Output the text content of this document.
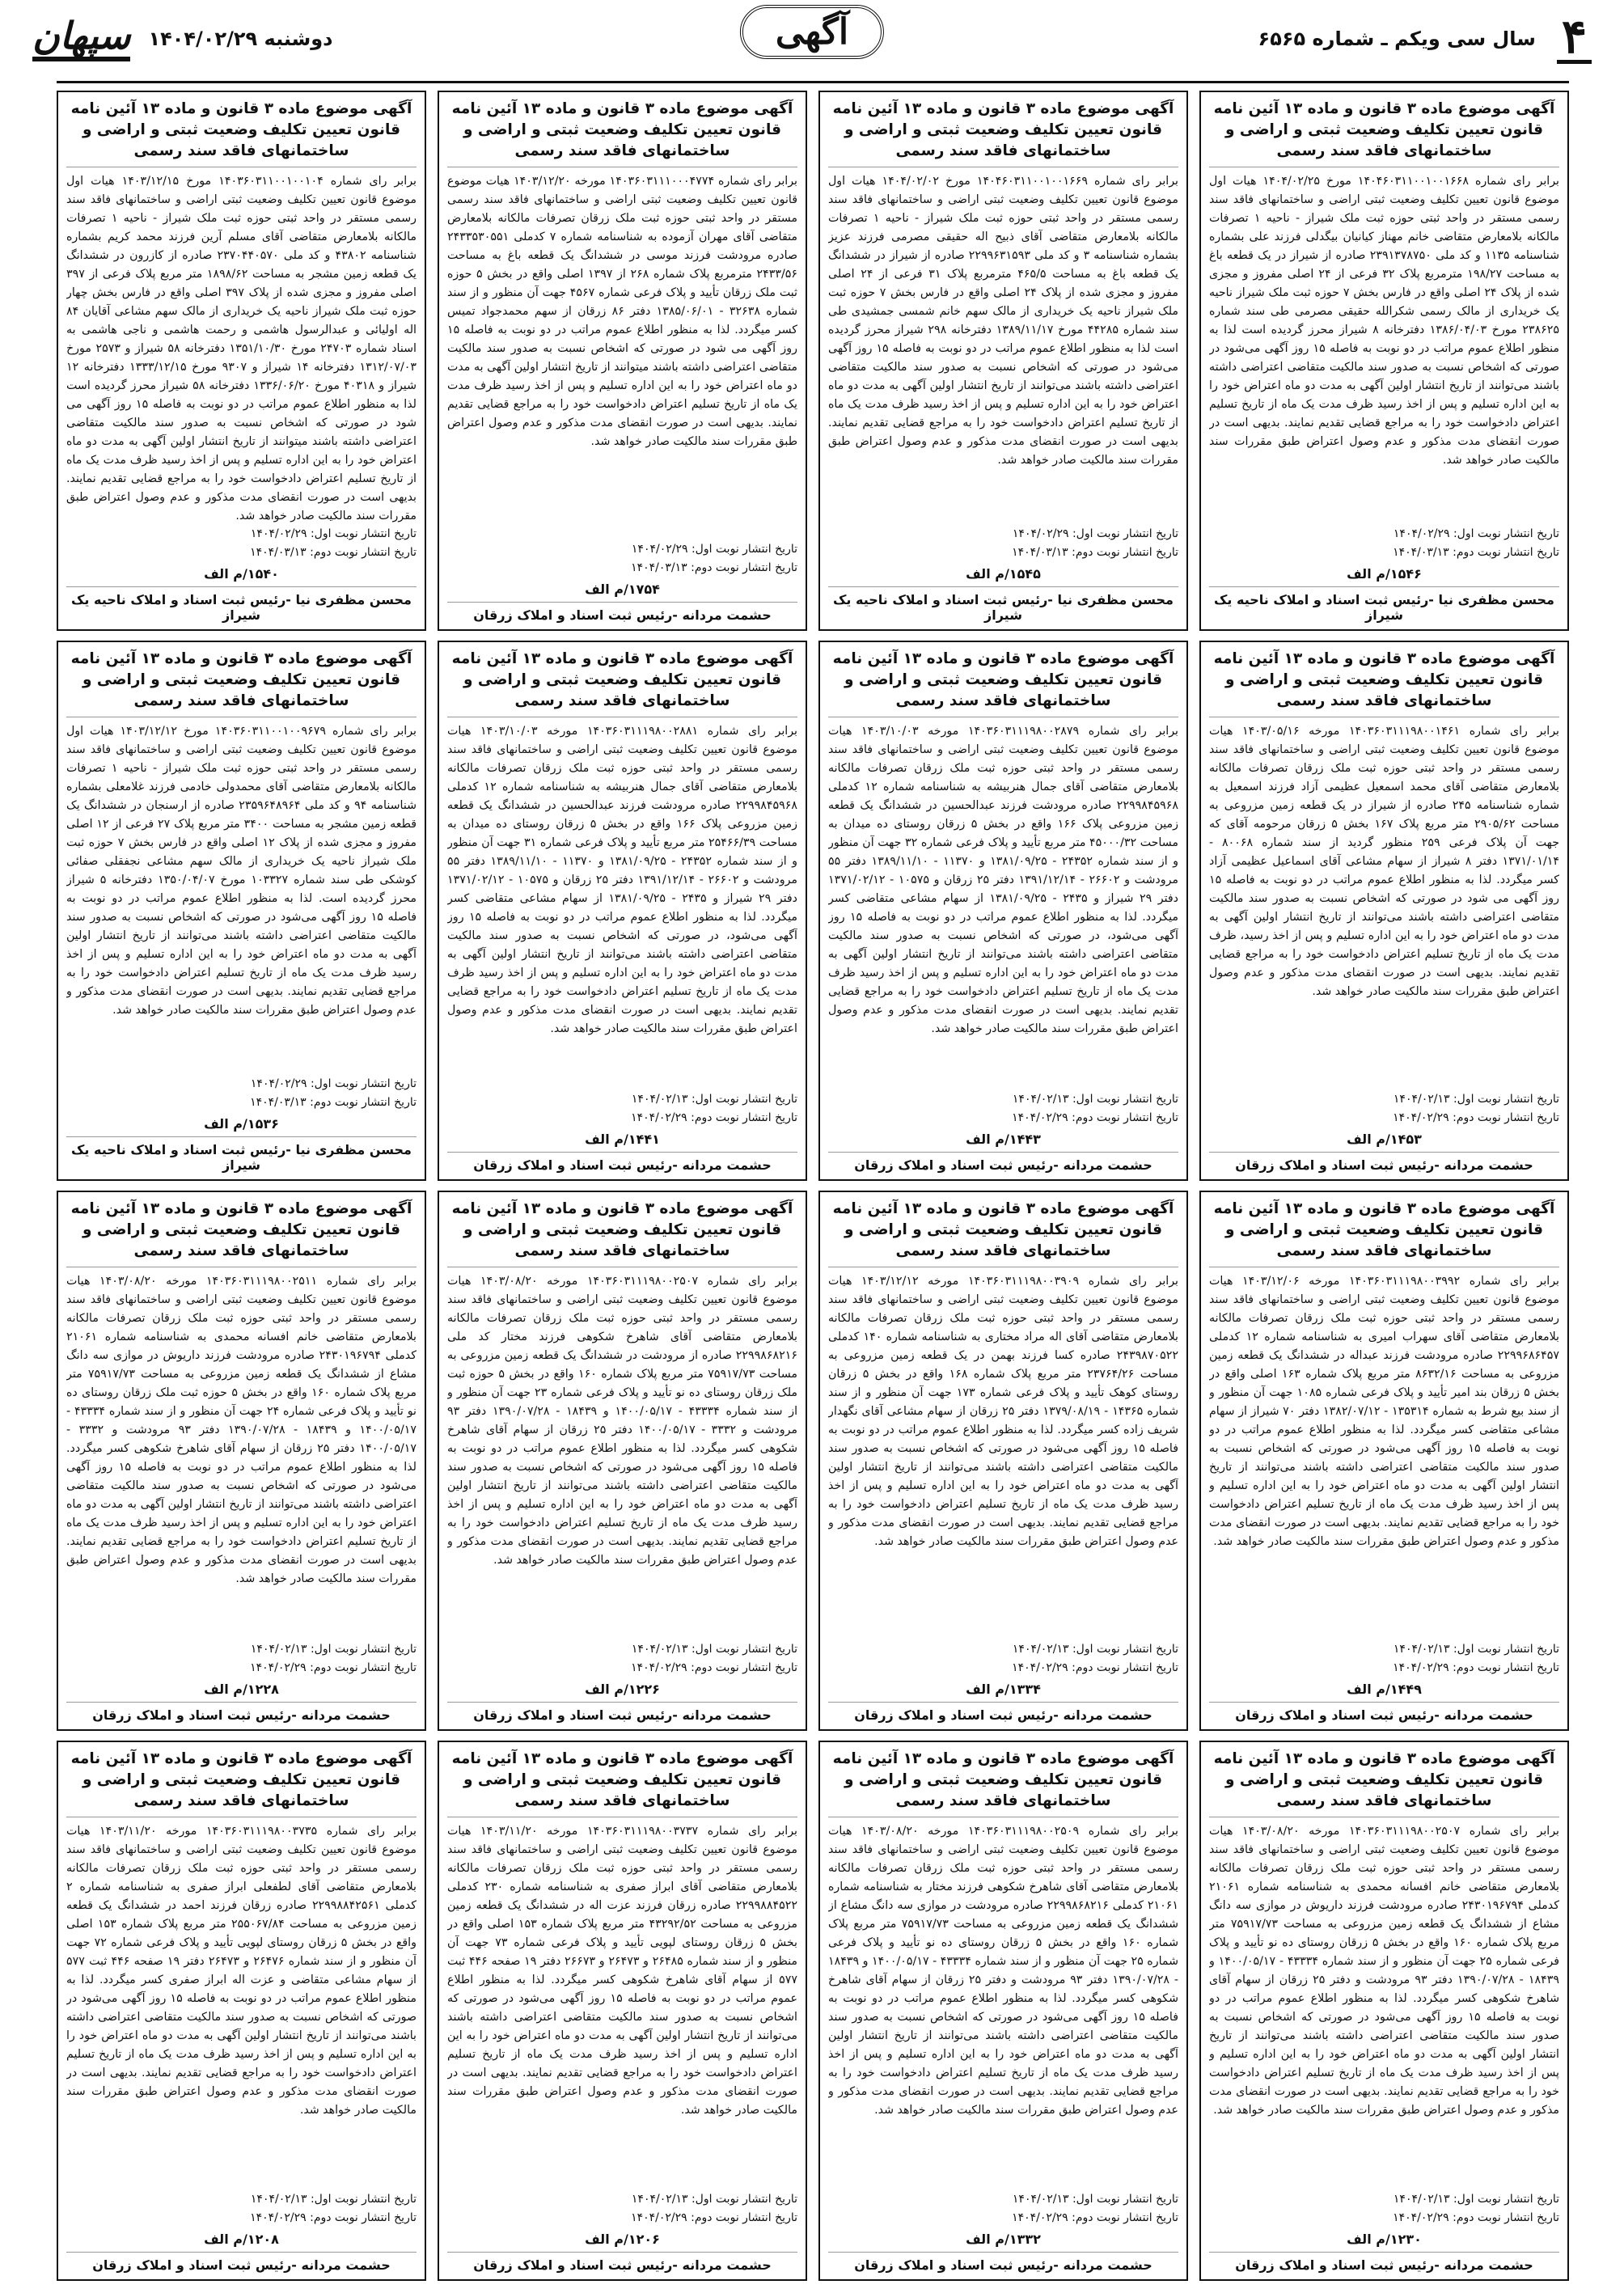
۴
سال سی ویکم ـ شماره ۶۵۶۵
آگهی
دوشنبه ۱۴۰۴/۰۲/۲۹
سپهان
آگهی موضوع ماده ۳ قانون و ماده ۱۳ آئین نامه قانون تعیین تکلیف وضعیت ثبتی و اراضی و ساختمانهای فاقد سند رسمی
برابر رای شماره ۱۴۰۴۶۰۳۱۱۰۰۱۰۰۱۶۶۸ مورخ ۱۴۰۴/۰۲/۲۵ هیات اول موضوع قانون تعیین تکلیف وضعیت ثبتی اراضی و ساختمانهای فاقد سند رسمی مستقر در واحد ثبتی حوزه ثبت ملک شیراز - ناحیه ۱ تصرفات مالکانه بلامعارض متقاضی خانم مهناز کیانیان بیگدلی فرزند علی بشماره شناسنامه ۱۱۳۵ و کد ملی ۲۳۹۱۳۷۸۷۵۰ صادره از شیراز در یک قطعه باغ به مساحت ۱۹۸/۲۷ مترمربع پلاک ۳۲ فرعی از ۲۴ اصلی مفروز و مجزی شده از پلاک ۲۴ اصلی واقع در فارس بخش ۷ حوزه ثبت ملک شیراز ناحیه یک خریداری از مالک رسمی شکرالله حقیقی مصرمی طی سند شماره ۲۳۸۶۲۵ مورخ ۱۳۸۶/۰۴/۰۳ دفترخانه ۸ شیراز محرز گردیده است لذا به منظور اطلاع عموم مراتب در دو نوبت به فاصله ۱۵ روز آگهی می‌شود در صورتی که اشخاص نسبت به صدور سند مالکیت متقاضی اعتراضی داشته باشند می‌توانند از تاریخ انتشار اولین آگهی به مدت دو ماه اعتراض خود را به این اداره تسلیم و پس از اخذ رسید ظرف مدت یک ماه از تاریخ تسلیم اعتراض دادخواست خود را به مراجع قضایی تقدیم نمایند. بدیهی است در صورت انقضای مدت مذکور و عدم وصول اعتراض طبق مقررات سند مالکیت صادر خواهد شد.
تاریخ انتشار نوبت اول: ۱۴۰۴/۰۲/۲۹
تاریخ انتشار نوبت دوم: ۱۴۰۴/۰۳/۱۳
۱۵۴۶/م الف
محسن مظفری نیا -رئیس ثبت اسناد و املاک ناحیه یک شیراز
آگهی موضوع ماده ۳ قانون و ماده ۱۳ آئین نامه قانون تعیین تکلیف وضعیت ثبتی و اراضی و ساختمانهای فاقد سند رسمی
برابر رای شماره ۱۴۰۴۶۰۳۱۱۰۰۱۰۰۱۶۶۹ مورخ ۱۴۰۴/۰۲/۰۲ هیات اول موضوع قانون تعیین تکلیف وضعیت ثبتی اراضی و ساختمانهای فاقد سند رسمی مستقر در واحد ثبتی حوزه ثبت ملک شیراز - ناحیه ۱ تصرفات مالکانه بلامعارض متقاضی آقای ذبیح اله حقیقی مصرمی فرزند عزیز بشماره شناسنامه ۳ و کد ملی ۲۲۹۹۶۳۱۵۹۳ صادره از شیراز در ششدانگ یک قطعه باغ به مساحت ۴۶۵/۵ مترمربع پلاک ۳۱ فرعی از ۲۴ اصلی مفروز و مجزی شده از پلاک ۲۴ اصلی واقع در فارس بخش ۷ حوزه ثبت ملک شیراز ناحیه یک خریداری از مالک سهم خانم شمسی جمشیدی طی سند شماره ۴۴۲۸۵ مورخ ۱۳۸۹/۱۱/۱۷ دفترخانه ۲۹۸ شیراز محرز گردیده است لذا به منظور اطلاع عموم مراتب در دو نوبت به فاصله ۱۵ روز آگهی می‌شود در صورتی که اشخاص نسبت به صدور سند مالکیت متقاضی اعتراضی داشته باشند می‌توانند از تاریخ انتشار اولین آگهی به مدت دو ماه اعتراض خود را به این اداره تسلیم و پس از اخذ رسید ظرف مدت یک ماه از تاریخ تسلیم اعتراض دادخواست خود را به مراجع قضایی تقدیم نمایند. بدیهی است در صورت انقضای مدت مذکور و عدم وصول اعتراض طبق مقررات سند مالکیت صادر خواهد شد.
تاریخ انتشار نوبت اول: ۱۴۰۴/۰۲/۲۹
تاریخ انتشار نوبت دوم: ۱۴۰۴/۰۳/۱۳
۱۵۴۵/م الف
محسن مظفری نیا -رئیس ثبت اسناد و املاک ناحیه یک شیراز
آگهی موضوع ماده ۳ قانون و ماده ۱۳ آئین نامه قانون تعیین تکلیف وضعیت ثبتی و اراضی و ساختمانهای فاقد سند رسمی
برابر رای شماره ۱۴۰۳۶۰۳۱۱۱۰۰۰۴۷۷۴ مورخه ۱۴۰۳/۱۲/۲۰ هیات موضوع قانون تعیین تکلیف وضعیت ثبتی اراضی و ساختمانهای فاقد سند رسمی مستقر در واحد ثبتی حوزه ثبت ملک زرقان تصرفات مالکانه بلامعارض متقاضی آقای مهران آزموده به شناسنامه شماره ۷ کدملی ۲۴۳۳۵۳۰۵۵۱ صادره مرودشت فرزند موسی در ششدانگ یک قطعه باغ به مساحت ۲۴۳۳/۵۶ مترمربع پلاک شماره ۲۶۸ از ۱۳۹۷ اصلی واقع در بخش ۵ حوزه ثبت ملک زرقان تأیید و پلاک فرعی شماره ۴۵۶۷ جهت آن منظور و از سند شماره ۳۲۶۳۸ - ۱۳۸۵/۰۶/۰۱ دفتر ۸۶ زرقان از سهم محمدجواد تمیس کسر میگردد. لذا به منظور اطلاع عموم مراتب در دو نوبت به فاصله ۱۵ روز آگهی می شود در صورتی که اشخاص نسبت به صدور سند مالکیت متقاضی اعتراضی داشته باشند میتوانند از تاریخ انتشار اولین آگهی به مدت دو ماه اعتراض خود را به این اداره تسلیم و پس از اخذ رسید ظرف مدت یک ماه از تاریخ تسلیم اعتراض دادخواست خود را به مراجع قضایی تقدیم نمایند. بدیهی است در صورت انقضای مدت مذکور و عدم وصول اعتراض طبق مقررات سند مالکیت صادر خواهد شد.
تاریخ انتشار نوبت اول: ۱۴۰۴/۰۲/۲۹
تاریخ انتشار نوبت دوم: ۱۴۰۴/۰۳/۱۳
۱۷۵۴/م الف
حشمت مردانه -رئیس ثبت اسناد و املاک زرقان
آگهی موضوع ماده ۳ قانون و ماده ۱۳ آئین نامه قانون تعیین تکلیف وضعیت ثبتی و اراضی و ساختمانهای فاقد سند رسمی
برابر رای شماره ۱۴۰۳۶۰۳۱۱۰۰۱۰۰۱۰۴ مورخ ۱۴۰۳/۱۲/۱۵ هیات اول موضوع قانون تعیین تکلیف وضعیت ثبتی اراضی و ساختمانهای فاقد سند رسمی مستقر در واحد ثبتی حوزه ثبت ملک شیراز - ناحیه ۱ تصرفات مالکانه بلامعارض متقاضی آقای مسلم آرین فرزند محمد کریم بشماره شناسنامه ۴۳۸۰۲ و کد ملی ۲۳۷۰۴۴۰۵۷۰ صادره از کازرون در ششدانگ یک قطعه زمین مشجر به مساحت ۱۸۹۸/۶۲ متر مربع پلاک فرعی از ۳۹۷ اصلی مفروز و مجزی شده از پلاک ۳۹۷ اصلی واقع در فارس بخش چهار حوزه ثبت ملک شیراز ناحیه یک خریداری از مالک سهم مشاعی آقایان ۸۴ اله اولیائی و عبدالرسول هاشمی و رحمت هاشمی و ناجی هاشمی به اسناد شماره ۲۴۷۰۳ مورخ ۱۳۵۱/۱۰/۳۰ دفترخانه ۵۸ شیراز و ۲۵۷۳ مورخ ۱۳۱۲/۰۷/۰۳ دفترخانه ۱۴ شیراز و ۹۳۰۷ مورخ ۱۳۳۳/۱۲/۱۵ دفترخانه ۱۲ شیراز و ۴۰۳۱۸ مورخ ۱۳۳۶/۰۶/۲۰ دفترخانه ۵۸ شیراز محرز گردیده است لذا به منظور اطلاع عموم مراتب در دو نوبت به فاصله ۱۵ روز آگهی می شود در صورتی که اشخاص نسبت به صدور سند مالکیت متقاضی اعتراضی داشته باشند میتوانند از تاریخ انتشار اولین آگهی به مدت دو ماه اعتراض خود را به این اداره تسلیم و پس از اخذ رسید ظرف مدت یک ماه از تاریخ تسلیم اعتراض دادخواست خود را به مراجع قضایی تقدیم نمایند. بدیهی است در صورت انقضای مدت مذکور و عدم وصول اعتراض طبق مقررات سند مالکیت صادر خواهد شد.
تاریخ انتشار نوبت اول: ۱۴۰۴/۰۲/۲۹
تاریخ انتشار نوبت دوم: ۱۴۰۴/۰۳/۱۳
۱۵۴۰/م الف
محسن مظفری نیا -رئیس ثبت اسناد و املاک ناحیه یک شیراز
آگهی موضوع ماده ۳ قانون و ماده ۱۳ آئین نامه قانون تعیین تکلیف وضعیت ثبتی و اراضی و ساختمانهای فاقد سند رسمی
برابر رای شماره ۱۴۰۳۶۰۳۱۱۱۹۸۰۰۱۴۶۱ مورخه ۱۴۰۳/۰۵/۱۶ هیات موضوع قانون تعیین تکلیف وضعیت ثبتی اراضی و ساختمانهای فاقد سند رسمی مستقر در واحد ثبتی حوزه ثبت ملک زرقان تصرفات مالکانه بلامعارض متقاضی آقای محمد اسمعیل عظیمی آزاد فرزند اسمعیل به شماره شناسنامه ۲۴۵ صادره از شیراز در یک قطعه زمین مزروعی به مساحت ۲۹۰۵/۶۲ متر مربع پلاک ۱۶۷ بخش ۵ زرقان مرحومه آقای که جهت آن پلاک فرعی ۲۵۹ منظور گردید از سند شماره ۸۰۰۶۸ - ۱۳۷۱/۰۱/۱۴ دفتر ۸ شیراز از سهام مشاعی آقای اسماعیل عظیمی آزاد کسر میگردد. لذا به منظور اطلاع عموم مراتب در دو نوبت به فاصله ۱۵ روز آگهی می شود در صورتی که اشخاص نسبت به صدور سند مالکیت متقاضی اعتراضی داشته باشند می‌توانند از تاریخ انتشار اولین آگهی به مدت دو ماه اعتراض خود را به این اداره تسلیم و پس از اخذ رسید، ظرف مدت یک ماه از تاریخ تسلیم اعتراض دادخواست خود را به مراجع قضایی تقدیم نمایند. بدیهی است در صورت انقضای مدت مذکور و عدم وصول اعتراض طبق مقررات سند مالکیت صادر خواهد شد.
تاریخ انتشار نوبت اول: ۱۴۰۴/۰۲/۱۳
تاریخ انتشار نوبت دوم: ۱۴۰۴/۰۲/۲۹
۱۴۵۳/م الف
حشمت مردانه -رئیس ثبت اسناد و املاک زرقان
آگهی موضوع ماده ۳ قانون و ماده ۱۳ آئین نامه قانون تعیین تکلیف وضعیت ثبتی و اراضی و ساختمانهای فاقد سند رسمی
برابر رای شماره ۱۴۰۳۶۰۳۱۱۱۹۸۰۰۲۸۷۹ مورخه ۱۴۰۳/۱۰/۰۳ هیات موضوع قانون تعیین تکلیف وضعیت ثبتی اراضی و ساختمانهای فاقد سند رسمی مستقر در واحد ثبتی حوزه ثبت ملک زرقان تصرفات مالکانه بلامعارض متقاضی آقای جمال هنربیشه به شناسنامه شماره ۱۲ کدملی ۲۲۹۹۸۴۵۹۶۸ صادره مرودشت فرزند عبدالحسین در ششدانگ یک قطعه زمین مزروعی پلاک ۱۶۶ واقع در بخش ۵ زرقان روستای ده میدان به مساحت ۴۵۰۰۰/۳۲ متر مربع تأیید و پلاک فرعی شماره ۳۲ جهت آن منظور و از سند شماره ۲۴۳۵۲ - ۱۳۸۱/۰۹/۲۵ و ۱۱۳۷۰ - ۱۳۸۹/۱۱/۱۰ دفتر ۵۵ مرودشت و ۲۶۶۰۲ - ۱۳۹۱/۱۲/۱۴ دفتر ۲۵ زرقان و ۱۰۵۷۵ - ۱۳۷۱/۰۲/۱۲ دفتر ۲۹ شیراز و ۲۴۳۵ - ۱۳۸۱/۰۹/۲۵ از سهام مشاعی متقاضی کسر میگردد. لذا به منظور اطلاع عموم مراتب در دو نوبت به فاصله ۱۵ روز آگهی می‌شود، در صورتی که اشخاص نسبت به صدور سند مالکیت متقاضی اعتراضی داشته باشند می‌توانند از تاریخ انتشار اولین آگهی به مدت دو ماه اعتراض خود را به این اداره تسلیم و پس از اخذ رسید ظرف مدت یک ماه از تاریخ تسلیم اعتراض دادخواست خود را به مراجع قضایی تقدیم نمایند. بدیهی است در صورت انقضای مدت مذکور و عدم وصول اعتراض طبق مقررات سند مالکیت صادر خواهد شد.
تاریخ انتشار نوبت اول: ۱۴۰۴/۰۲/۱۳
تاریخ انتشار نوبت دوم: ۱۴۰۴/۰۲/۲۹
۱۴۴۳/م الف
حشمت مردانه -رئیس ثبت اسناد و املاک زرقان
آگهی موضوع ماده ۳ قانون و ماده ۱۳ آئین نامه قانون تعیین تکلیف وضعیت ثبتی و اراضی و ساختمانهای فاقد سند رسمی
برابر رای شماره ۱۴۰۳۶۰۳۱۱۱۹۸۰۰۲۸۸۱ مورخه ۱۴۰۳/۱۰/۰۳ هیات موضوع قانون تعیین تکلیف وضعیت ثبتی اراضی و ساختمانهای فاقد سند رسمی مستقر در واحد ثبتی حوزه ثبت ملک زرقان تصرفات مالکانه بلامعارض متقاضی آقای جمال هنربیشه به شناسنامه شماره ۱۲ کدملی ۲۲۹۹۸۴۵۹۶۸ صادره مرودشت فرزند عبدالحسین در ششدانگ یک قطعه زمین مزروعی پلاک ۱۶۶ واقع در بخش ۵ زرقان روستای ده میدان به مساحت ۲۵۴۶۶/۳۹ متر مربع تأیید و پلاک فرعی شماره ۳۱ جهت آن منظور و از سند شماره ۲۴۳۵۲ - ۱۳۸۱/۰۹/۲۵ و ۱۱۳۷۰ - ۱۳۸۹/۱۱/۱۰ دفتر ۵۵ مرودشت و ۲۶۶۰۲ - ۱۳۹۱/۱۲/۱۴ دفتر ۲۵ زرقان و ۱۰۵۷۵ - ۱۳۷۱/۰۲/۱۲ دفتر ۲۹ شیراز و ۲۴۳۵ - ۱۳۸۱/۰۹/۲۵ از سهام مشاعی متقاضی کسر میگردد. لذا به منظور اطلاع عموم مراتب در دو نوبت به فاصله ۱۵ روز آگهی می‌شود، در صورتی که اشخاص نسبت به صدور سند مالکیت متقاضی اعتراضی داشته باشند می‌توانند از تاریخ انتشار اولین آگهی به مدت دو ماه اعتراض خود را به این اداره تسلیم و پس از اخذ رسید ظرف مدت یک ماه از تاریخ تسلیم اعتراض دادخواست خود را به مراجع قضایی تقدیم نمایند. بدیهی است در صورت انقضای مدت مذکور و عدم وصول اعتراض طبق مقررات سند مالکیت صادر خواهد شد.
تاریخ انتشار نوبت اول: ۱۴۰۴/۰۲/۱۳
تاریخ انتشار نوبت دوم: ۱۴۰۴/۰۲/۲۹
۱۴۴۱/م الف
حشمت مردانه -رئیس ثبت اسناد و املاک زرقان
آگهی موضوع ماده ۳ قانون و ماده ۱۳ آئین نامه قانون تعیین تکلیف وضعیت ثبتی و اراضی و ساختمانهای فاقد سند رسمی
برابر رای شماره ۱۴۰۳۶۰۳۱۱۰۰۱۰۰۹۶۷۹ مورخ ۱۴۰۳/۱۲/۱۲ هیات اول موضوع قانون تعیین تکلیف وضعیت ثبتی اراضی و ساختمانهای فاقد سند رسمی مستقر در واحد ثبتی حوزه ثبت ملک شیراز - ناحیه ۱ تصرفات مالکانه بلامعارض متقاضی آقای محمدولی خادمی فرزند غلامعلی بشماره شناسنامه ۹۴ و کد ملی ۲۳۵۹۶۴۸۹۶۴ صادره از ارسنجان در ششدانگ یک قطعه زمین مشجر به مساحت ۳۴۰۰ متر مربع پلاک ۲۷ فرعی از ۱۲ اصلی مفروز و مجزی شده از پلاک ۱۲ اصلی واقع در فارس بخش ۷ حوزه ثبت ملک شیراز ناحیه یک خریداری از مالک سهم مشاعی نجفقلی صفائی کوشکی طی سند شماره ۱۰۳۳۲۷ مورخ ۱۳۵۰/۰۴/۰۷ دفترخانه ۵ شیراز محرز گردیده است. لذا به منظور اطلاع عموم مراتب در دو نوبت به فاصله ۱۵ روز آگهی می‌شود در صورتی که اشخاص نسبت به صدور سند مالکیت متقاضی اعتراضی داشته باشند می‌توانند از تاریخ انتشار اولین آگهی به مدت دو ماه اعتراض خود را به این اداره تسلیم و پس از اخذ رسید ظرف مدت یک ماه از تاریخ تسلیم اعتراض دادخواست خود را به مراجع قضایی تقدیم نمایند. بدیهی است در صورت انقضای مدت مذکور و عدم وصول اعتراض طبق مقررات سند مالکیت صادر خواهد شد.
تاریخ انتشار نوبت اول: ۱۴۰۴/۰۲/۲۹
تاریخ انتشار نوبت دوم: ۱۴۰۴/۰۳/۱۳
۱۵۳۶/م الف
محسن مظفری نیا -رئیس ثبت اسناد و املاک ناحیه یک شیراز
آگهی موضوع ماده ۳ قانون و ماده ۱۳ آئین نامه قانون تعیین تکلیف وضعیت ثبتی و اراضی و ساختمانهای فاقد سند رسمی
برابر رای شماره ۱۴۰۳۶۰۳۱۱۱۹۸۰۰۳۹۹۲ مورخه ۱۴۰۳/۱۲/۰۶ هیات موضوع قانون تعیین تکلیف وضعیت ثبتی اراضی و ساختمانهای فاقد سند رسمی مستقر در واحد ثبتی حوزه ثبت ملک زرقان تصرفات مالکانه بلامعارض متقاضی آقای سهراب امیری به شناسنامه شماره ۱۲ کدملی ۲۲۹۹۶۸۶۴۵۷ صادره مرودشت فرزند عبداله در ششدانگ یک قطعه زمین مزروعی به مساحت ۸۶۳۲/۱۶ متر مربع پلاک شماره ۱۶۳ اصلی واقع در بخش ۵ زرقان بند امیر تأیید و پلاک فرعی شماره ۱۰۸۵ جهت آن منظور و از سند بیع شرط به شماره ۱۳۵۳۱۴ - ۱۳۸۲/۰۷/۱۲ دفتر ۷۰ شیراز از سهام مشاعی متقاضی کسر میگردد. لذا به منظور اطلاع عموم مراتب در دو نوبت به فاصله ۱۵ روز آگهی می‌شود در صورتی که اشخاص نسبت به صدور سند مالکیت متقاضی اعتراضی داشته باشند می‌توانند از تاریخ انتشار اولین آگهی به مدت دو ماه اعتراض خود را به این اداره تسلیم و پس از اخذ رسید ظرف مدت یک ماه از تاریخ تسلیم اعتراض دادخواست خود را به مراجع قضایی تقدیم نمایند. بدیهی است در صورت انقضای مدت مذکور و عدم وصول اعتراض طبق مقررات سند مالکیت صادر خواهد شد.
تاریخ انتشار نوبت اول: ۱۴۰۴/۰۲/۱۳
تاریخ انتشار نوبت دوم: ۱۴۰۴/۰۲/۲۹
۱۴۴۹/م الف
حشمت مردانه -رئیس ثبت اسناد و املاک زرقان
آگهی موضوع ماده ۳ قانون و ماده ۱۳ آئین نامه قانون تعیین تکلیف وضعیت ثبتی و اراضی و ساختمانهای فاقد سند رسمی
برابر رای شماره ۱۴۰۳۶۰۳۱۱۱۹۸۰۰۳۹۰۹ مورخه ۱۴۰۳/۱۲/۱۲ هیات موضوع قانون تعیین تکلیف وضعیت ثبتی اراضی و ساختمانهای فاقد سند رسمی مستقر در واحد ثبتی حوزه ثبت ملک زرقان تصرفات مالکانه بلامعارض متقاضی آقای اله مراد مختاری به شناسنامه شماره ۱۴۰ کدملی ۲۴۳۹۸۷۰۵۲۲ صادره کسا فرزند بهمن در یک قطعه زمین مزروعی به مساحت ۲۳۷۶۴/۲۶ متر مربع پلاک شماره ۱۶۸ واقع در بخش ۵ زرقان روستای کوهک تأیید و پلاک فرعی شماره ۱۷۳ جهت آن منظور و از سند شماره ۱۴۳۶۵ - ۱۳۷۹/۰۸/۱۹ دفتر ۲۵ زرقان از سهام مشاعی آقای نگهدار شریف زاده کسر میگردد. لذا به منظور اطلاع عموم مراتب در دو نوبت به فاصله ۱۵ روز آگهی می‌شود در صورتی که اشخاص نسبت به صدور سند مالکیت متقاضی اعتراضی داشته باشند می‌توانند از تاریخ انتشار اولین آگهی به مدت دو ماه اعتراض خود را به این اداره تسلیم و پس از اخذ رسید ظرف مدت یک ماه از تاریخ تسلیم اعتراض دادخواست خود را به مراجع قضایی تقدیم نمایند. بدیهی است در صورت انقضای مدت مذکور و عدم وصول اعتراض طبق مقررات سند مالکیت صادر خواهد شد.
تاریخ انتشار نوبت اول: ۱۴۰۴/۰۲/۱۳
تاریخ انتشار نوبت دوم: ۱۴۰۴/۰۲/۲۹
۱۳۳۴/م الف
حشمت مردانه -رئیس ثبت اسناد و املاک زرقان
آگهی موضوع ماده ۳ قانون و ماده ۱۳ آئین نامه قانون تعیین تکلیف وضعیت ثبتی و اراضی و ساختمانهای فاقد سند رسمی
برابر رای شماره ۱۴۰۳۶۰۳۱۱۱۹۸۰۰۲۵۰۷ مورخه ۱۴۰۳/۰۸/۲۰ هیات موضوع قانون تعیین تکلیف وضعیت ثبتی اراضی و ساختمانهای فاقد سند رسمی مستقر در واحد ثبتی حوزه ثبت ملک زرقان تصرفات مالکانه بلامعارض متقاضی آقای شاهرخ شکوهی فرزند مختار کد ملی ۲۲۹۹۸۶۸۲۱۶ صادره از مرودشت در ششدانگ یک قطعه زمین مزروعی به مساحت ۷۵۹۱۷/۷۳ متر مربع پلاک شماره ۱۶۰ واقع در بخش ۵ حوزه ثبت ملک زرقان روستای ده نو تأیید و پلاک فرعی شماره ۲۳ جهت آن منظور و از سند شماره ۴۳۳۳۴ - ۱۴۰۰/۰۵/۱۷ و ۱۸۴۳۹ - ۱۳۹۰/۰۷/۲۸ دفتر ۹۳ مرودشت و ۳۳۳۲ - ۱۴۰۰/۰۵/۱۷ دفتر ۲۵ زرقان از سهام آقای شاهرخ شکوهی کسر میگردد. لذا به منظور اطلاع عموم مراتب در دو نوبت به فاصله ۱۵ روز آگهی می‌شود در صورتی که اشخاص نسبت به صدور سند مالکیت متقاضی اعتراضی داشته باشند می‌توانند از تاریخ انتشار اولین آگهی به مدت دو ماه اعتراض خود را به این اداره تسلیم و پس از اخذ رسید ظرف مدت یک ماه از تاریخ تسلیم اعتراض دادخواست خود را به مراجع قضایی تقدیم نمایند. بدیهی است در صورت انقضای مدت مذکور و عدم وصول اعتراض طبق مقررات سند مالکیت صادر خواهد شد.
تاریخ انتشار نوبت اول: ۱۴۰۴/۰۲/۱۳
تاریخ انتشار نوبت دوم: ۱۴۰۴/۰۲/۲۹
۱۲۲۶/م الف
حشمت مردانه -رئیس ثبت اسناد و املاک زرقان
آگهی موضوع ماده ۳ قانون و ماده ۱۳ آئین نامه قانون تعیین تکلیف وضعیت ثبتی و اراضی و ساختمانهای فاقد سند رسمی
برابر رای شماره ۱۴۰۳۶۰۳۱۱۱۹۸۰۰۲۵۱۱ مورخه ۱۴۰۳/۰۸/۲۰ هیات موضوع قانون تعیین تکلیف وضعیت ثبتی اراضی و ساختمانهای فاقد سند رسمی مستقر در واحد ثبتی حوزه ثبت ملک زرقان تصرفات مالکانه بلامعارض متقاضی خانم افسانه محمدی به شناسنامه شماره ۲۱۰۶۱ کدملی ۲۴۳۰۱۹۶۷۹۴ صادره مرودشت فرزند داریوش در موازی سه دانگ مشاع از ششدانگ یک قطعه زمین مزروعی به مساحت ۷۵۹۱۷/۷۳ متر مربع پلاک شماره ۱۶۰ واقع در بخش ۵ حوزه ثبت ملک زرقان روستای ده نو تأیید و پلاک فرعی شماره ۲۴ جهت آن منظور و از سند شماره ۴۳۳۳۴ - ۱۴۰۰/۰۵/۱۷ و ۱۸۴۳۹ - ۱۳۹۰/۰۷/۲۸ دفتر ۹۳ مرودشت و ۳۳۳۲ - ۱۴۰۰/۰۵/۱۷ دفتر ۲۵ زرقان از سهام آقای شاهرخ شکوهی کسر میگردد. لذا به منظور اطلاع عموم مراتب در دو نوبت به فاصله ۱۵ روز آگهی می‌شود در صورتی که اشخاص نسبت به صدور سند مالکیت متقاضی اعتراضی داشته باشند می‌توانند از تاریخ انتشار اولین آگهی به مدت دو ماه اعتراض خود را به این اداره تسلیم و پس از اخذ رسید ظرف مدت یک ماه از تاریخ تسلیم اعتراض دادخواست خود را به مراجع قضایی تقدیم نمایند. بدیهی است در صورت انقضای مدت مذکور و عدم وصول اعتراض طبق مقررات سند مالکیت صادر خواهد شد.
تاریخ انتشار نوبت اول: ۱۴۰۴/۰۲/۱۳
تاریخ انتشار نوبت دوم: ۱۴۰۴/۰۲/۲۹
۱۲۲۸/م الف
حشمت مردانه -رئیس ثبت اسناد و املاک زرقان
آگهی موضوع ماده ۳ قانون و ماده ۱۳ آئین نامه قانون تعیین تکلیف وضعیت ثبتی و اراضی و ساختمانهای فاقد سند رسمی
برابر رای شماره ۱۴۰۳۶۰۳۱۱۱۹۸۰۰۲۵۰۷ مورخه ۱۴۰۳/۰۸/۲۰ هیات موضوع قانون تعیین تکلیف وضعیت ثبتی اراضی و ساختمانهای فاقد سند رسمی مستقر در واحد ثبتی حوزه ثبت ملک زرقان تصرفات مالکانه بلامعارض متقاضی خانم افسانه محمدی به شناسنامه شماره ۲۱۰۶۱ کدملی ۲۴۳۰۱۹۶۷۹۴ صادره مرودشت فرزند داریوش در موازی سه دانگ مشاع از ششدانگ یک قطعه زمین مزروعی به مساحت ۷۵۹۱۷/۷۳ متر مربع پلاک شماره ۱۶۰ واقع در بخش ۵ زرقان روستای ده نو تأیید و پلاک فرعی شماره ۲۵ جهت آن منظور و از سند شماره ۴۳۳۳۴ - ۱۴۰۰/۰۵/۱۷ و ۱۸۴۳۹ - ۱۳۹۰/۰۷/۲۸ دفتر ۹۳ مرودشت و دفتر ۲۵ زرقان از سهام آقای شاهرخ شکوهی کسر میگردد. لذا به منظور اطلاع عموم مراتب در دو نوبت به فاصله ۱۵ روز آگهی می‌شود در صورتی که اشخاص نسبت به صدور سند مالکیت متقاضی اعتراضی داشته باشند می‌توانند از تاریخ انتشار اولین آگهی به مدت دو ماه اعتراض خود را به این اداره تسلیم و پس از اخذ رسید ظرف مدت یک ماه از تاریخ تسلیم اعتراض دادخواست خود را به مراجع قضایی تقدیم نمایند. بدیهی است در صورت انقضای مدت مذکور و عدم وصول اعتراض طبق مقررات سند مالکیت صادر خواهد شد.
تاریخ انتشار نوبت اول: ۱۴۰۴/۰۲/۱۳
تاریخ انتشار نوبت دوم: ۱۴۰۴/۰۲/۲۹
۱۲۳۰/م الف
حشمت مردانه -رئیس ثبت اسناد و املاک زرقان
آگهی موضوع ماده ۳ قانون و ماده ۱۳ آئین نامه قانون تعیین تکلیف وضعیت ثبتی و اراضی و ساختمانهای فاقد سند رسمی
برابر رای شماره ۱۴۰۳۶۰۳۱۱۱۹۸۰۰۲۵۰۹ مورخه ۱۴۰۳/۰۸/۲۰ هیات موضوع قانون تعیین تکلیف وضعیت ثبتی اراضی و ساختمانهای فاقد سند رسمی مستقر در واحد ثبتی حوزه ثبت ملک زرقان تصرفات مالکانه بلامعارض متقاضی آقای شاهرخ شکوهی فرزند مختار به شناسنامه شماره ۲۱۰۶۱ کدملی ۲۲۹۹۸۶۸۲۱۶ صادره مرودشت در موازی سه دانگ مشاع از ششدانگ یک قطعه زمین مزروعی به مساحت ۷۵۹۱۷/۷۳ متر مربع پلاک شماره ۱۶۰ واقع در بخش ۵ زرقان روستای ده نو تأیید و پلاک فرعی شماره ۲۵ جهت آن منظور و از سند شماره ۴۳۳۳۴ - ۱۴۰۰/۰۵/۱۷ و ۱۸۴۳۹ - ۱۳۹۰/۰۷/۲۸ دفتر ۹۳ مرودشت و دفتر ۲۵ زرقان از سهام آقای شاهرخ شکوهی کسر میگردد. لذا به منظور اطلاع عموم مراتب در دو نوبت به فاصله ۱۵ روز آگهی می‌شود در صورتی که اشخاص نسبت به صدور سند مالکیت متقاضی اعتراضی داشته باشند می‌توانند از تاریخ انتشار اولین آگهی به مدت دو ماه اعتراض خود را به این اداره تسلیم و پس از اخذ رسید ظرف مدت یک ماه از تاریخ تسلیم اعتراض دادخواست خود را به مراجع قضایی تقدیم نمایند. بدیهی است در صورت انقضای مدت مذکور و عدم وصول اعتراض طبق مقررات سند مالکیت صادر خواهد شد.
تاریخ انتشار نوبت اول: ۱۴۰۴/۰۲/۱۳
تاریخ انتشار نوبت دوم: ۱۴۰۴/۰۲/۲۹
۱۳۳۲/م الف
حشمت مردانه -رئیس ثبت اسناد و املاک زرقان
آگهی موضوع ماده ۳ قانون و ماده ۱۳ آئین نامه قانون تعیین تکلیف وضعیت ثبتی و اراضی و ساختمانهای فاقد سند رسمی
برابر رای شماره ۱۴۰۳۶۰۳۱۱۱۹۸۰۰۳۷۳۷ مورخه ۱۴۰۳/۱۱/۲۰ هیات موضوع قانون تعیین تکلیف وضعیت ثبتی اراضی و ساختمانهای فاقد سند رسمی مستقر در واحد ثبتی حوزه ثبت ملک زرقان تصرفات مالکانه بلامعارض متقاضی آقای ابراز صفری به شناسنامه شماره ۲۳۰ کدملی ۲۲۹۹۸۸۴۵۲۲ صادره زرقان فرزند عزت اله در ششدانگ یک قطعه زمین مزروعی به مساحت ۴۳۲۹۲/۵۲ متر مربع پلاک شماره ۱۵۳ اصلی واقع در بخش ۵ زرقان روستای لپویی تأیید و پلاک فرعی شماره ۷۳ جهت آن منظور و از سند شماره ۲۶۴۸۵ و ۲۶۴۷۳ و ۲۶۶۷۳ دفتر ۱۹ صفحه ۴۴۶ ثبت ۵۷۷ از سهام آقای شاهرخ شکوهی کسر میگردد. لذا به منظور اطلاع عموم مراتب در دو نوبت به فاصله ۱۵ روز آگهی می‌شود در صورتی که اشخاص نسبت به صدور سند مالکیت متقاضی اعتراضی داشته باشند می‌توانند از تاریخ انتشار اولین آگهی به مدت دو ماه اعتراض خود را به این اداره تسلیم و پس از اخذ رسید ظرف مدت یک ماه از تاریخ تسلیم اعتراض دادخواست خود را به مراجع قضایی تقدیم نمایند. بدیهی است در صورت انقضای مدت مذکور و عدم وصول اعتراض طبق مقررات سند مالکیت صادر خواهد شد.
تاریخ انتشار نوبت اول: ۱۴۰۴/۰۲/۱۳
تاریخ انتشار نوبت دوم: ۱۴۰۴/۰۲/۲۹
۱۲۰۶/م الف
حشمت مردانه -رئیس ثبت اسناد و املاک زرقان
آگهی موضوع ماده ۳ قانون و ماده ۱۳ آئین نامه قانون تعیین تکلیف وضعیت ثبتی و اراضی و ساختمانهای فاقد سند رسمی
برابر رای شماره ۱۴۰۳۶۰۳۱۱۱۹۸۰۰۳۷۳۵ مورخه ۱۴۰۳/۱۱/۲۰ هیات موضوع قانون تعیین تکلیف وضعیت ثبتی اراضی و ساختمانهای فاقد سند رسمی مستقر در واحد ثبتی حوزه ثبت ملک زرقان تصرفات مالکانه بلامعارض متقاضی آقای لطفعلی ابراز صفری به شناسنامه شماره ۲ کدملی ۲۲۹۹۸۸۴۲۵۶۱ صادره زرقان فرزند احمد در ششدانگ یک قطعه زمین مزروعی به مساحت ۲۵۵۰۶۷/۸۴ متر مربع پلاک شماره ۱۵۳ اصلی واقع در بخش ۵ زرقان روستای لپویی تأیید و پلاک فرعی شماره ۷۲ جهت آن منظور و از سند شماره ۲۶۴۷۶ و ۲۶۴۷۳ دفتر ۱۹ صفحه ۴۴۶ ثبت ۵۷۷ از سهام مشاعی متقاضی و عزت اله ابراز صفری کسر میگردد. لذا به منظور اطلاع عموم مراتب در دو نوبت به فاصله ۱۵ روز آگهی می‌شود در صورتی که اشخاص نسبت به صدور سند مالکیت متقاضی اعتراضی داشته باشند می‌توانند از تاریخ انتشار اولین آگهی به مدت دو ماه اعتراض خود را به این اداره تسلیم و پس از اخذ رسید ظرف مدت یک ماه از تاریخ تسلیم اعتراض دادخواست خود را به مراجع قضایی تقدیم نمایند. بدیهی است در صورت انقضای مدت مذکور و عدم وصول اعتراض طبق مقررات سند مالکیت صادر خواهد شد.
تاریخ انتشار نوبت اول: ۱۴۰۴/۰۲/۱۳
تاریخ انتشار نوبت دوم: ۱۴۰۴/۰۲/۲۹
۱۲۰۸/م الف
حشمت مردانه -رئیس ثبت اسناد و املاک زرقان
